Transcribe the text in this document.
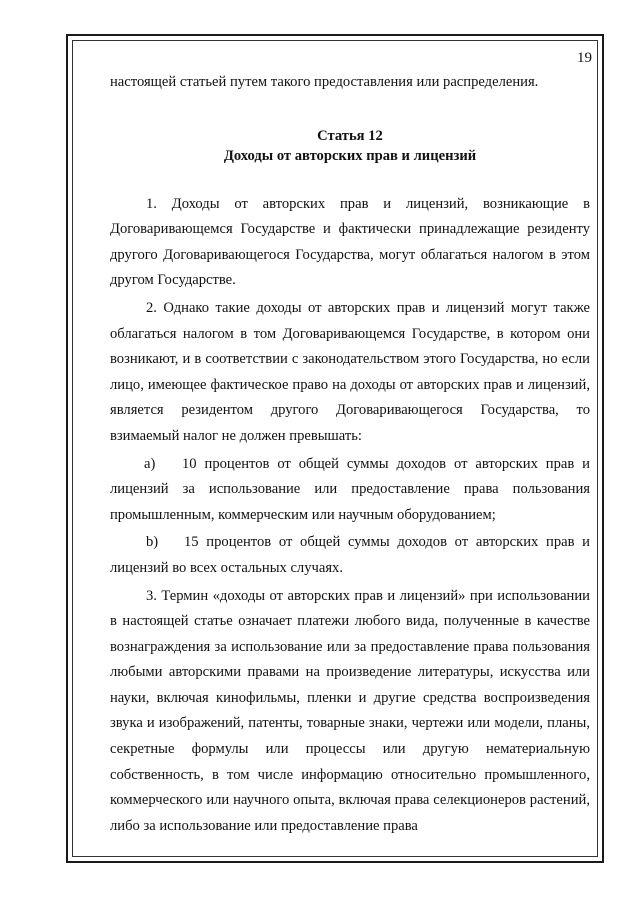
19

настоящей статьей путем такого предоставления или распределения.

Статья 12
Доходы от авторских прав и лицензий

1. Доходы от авторских прав и лицензий, возникающие в Договаривающемся Государстве и фактически принадлежащие резиденту другого Договаривающегося Государства, могут облагаться налогом в этом другом Государстве.

2. Однако такие доходы от авторских прав и лицензий могут также облагаться налогом в том Договаривающемся Государстве, в котором они возникают, и в соответствии с законодательством этого Государства, но если лицо, имеющее фактическое право на доходы от авторских прав и лицензий, является резидентом другого Договаривающегося Государства, то взимаемый налог не должен превышать:

a) 10 процентов от общей суммы доходов от авторских прав и лицензий за использование или предоставление права пользования промышленным, коммерческим или научным оборудованием;

b) 15 процентов от общей суммы доходов от авторских прав и лицензий во всех остальных случаях.

3. Термин «доходы от авторских прав и лицензий» при использовании в настоящей статье означает платежи любого вида, полученные в качестве вознаграждения за использование или за предоставление права пользования любыми авторскими правами на произведение литературы, искусства или науки, включая кинофильмы, пленки и другие средства воспроизведения звука и изображений, патенты, товарные знаки, чертежи или модели, планы, секретные формулы или процессы или другую нематериальную собственность, в том числе информацию относительно промышленного, коммерческого или научного опыта, включая права селекционеров растений, либо за использование или предоставление права
